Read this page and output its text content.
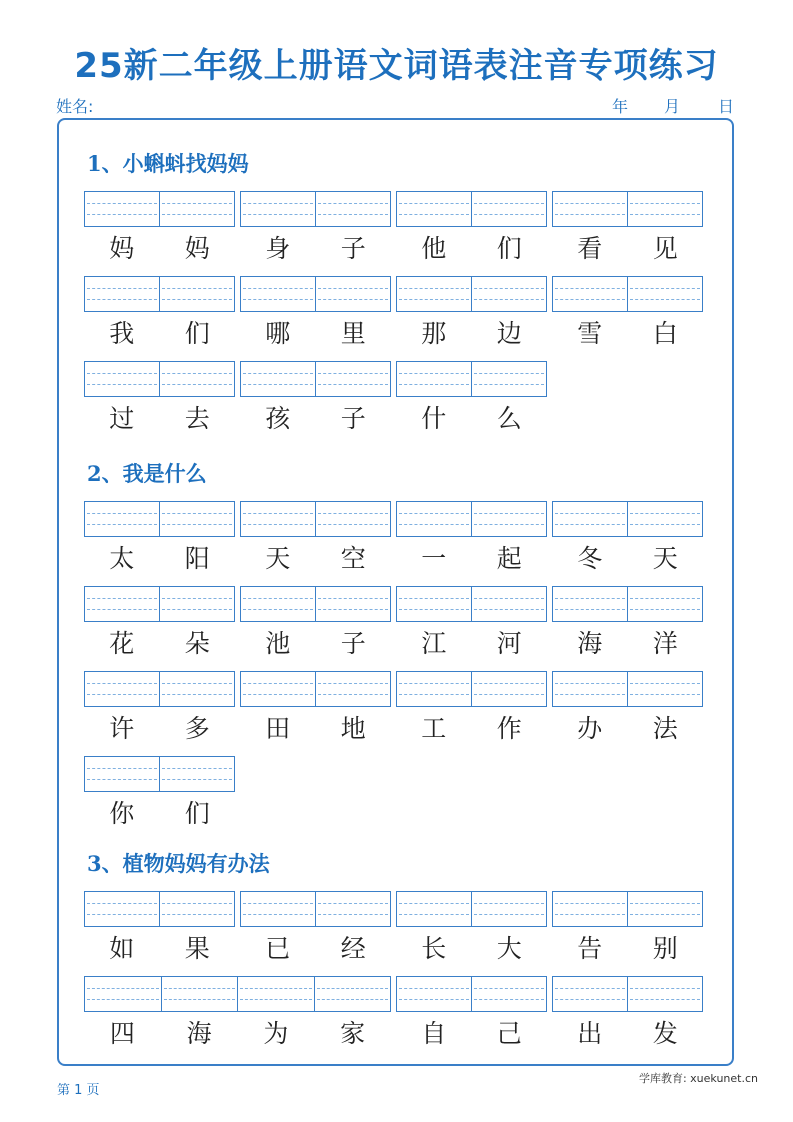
25新二年级上册语文词语表注音专项练习
姓名:	年 月 日
1、小蝌蚪找妈妈
妈	妈	身	子	他	们	看	见
我	们	哪	里	那	边	雪	白
过	去	孩	子	什	么
2、我是什么
太	阳	天	空	一	起	冬	天
花	朵	池	子	江	河	海	洋
许	多	田	地	工	作	办	法
你	们
3、植物妈妈有办法
如	果	已	经	长	大	告	别
四	海	为	家	自	己	出	发
第 1 页
学库教育: xuekunet.cn
